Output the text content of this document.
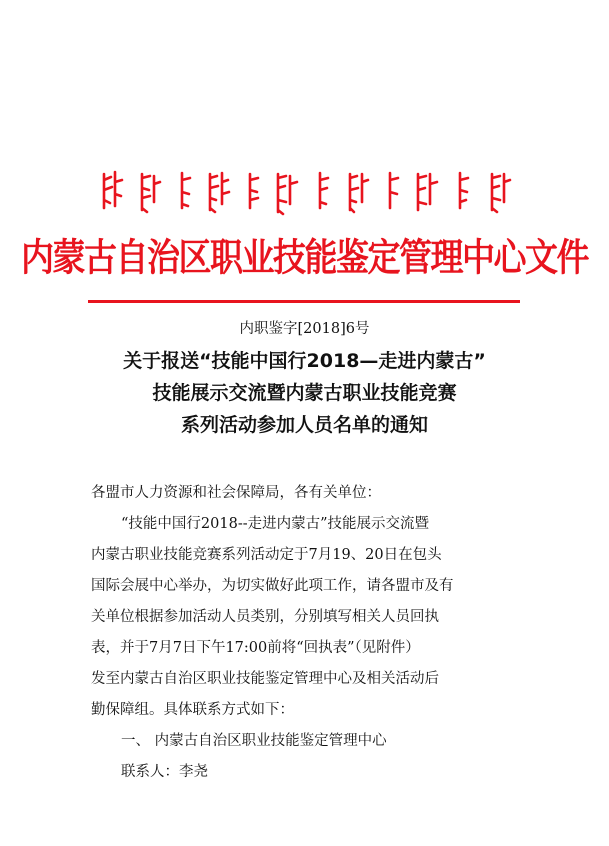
内蒙古自治区职业技能鉴定管理中心文件
内职鉴字[2018]6号
关于报送“技能中国行2018—走进内蒙古”
技能展示交流暨内蒙古职业技能竞赛
系列活动参加人员名单的通知

各盟市人力资源和社会保障局，各有关单位：

“技能中国行2018--走进内蒙古”技能展示交流暨

内蒙古职业技能竞赛系列活动定于7月19、20日在包头

国际会展中心举办，为切实做好此项工作，请各盟市及有

关单位根据参加活动人员类别，分别填写相关人员回执

表，并于7月7日下午17:00前将“回执表”（见附件）

发至内蒙古自治区职业技能鉴定管理中心及相关活动后

勤保障组。具体联系方式如下：

一、 内蒙古自治区职业技能鉴定管理中心

联系人：李尧
